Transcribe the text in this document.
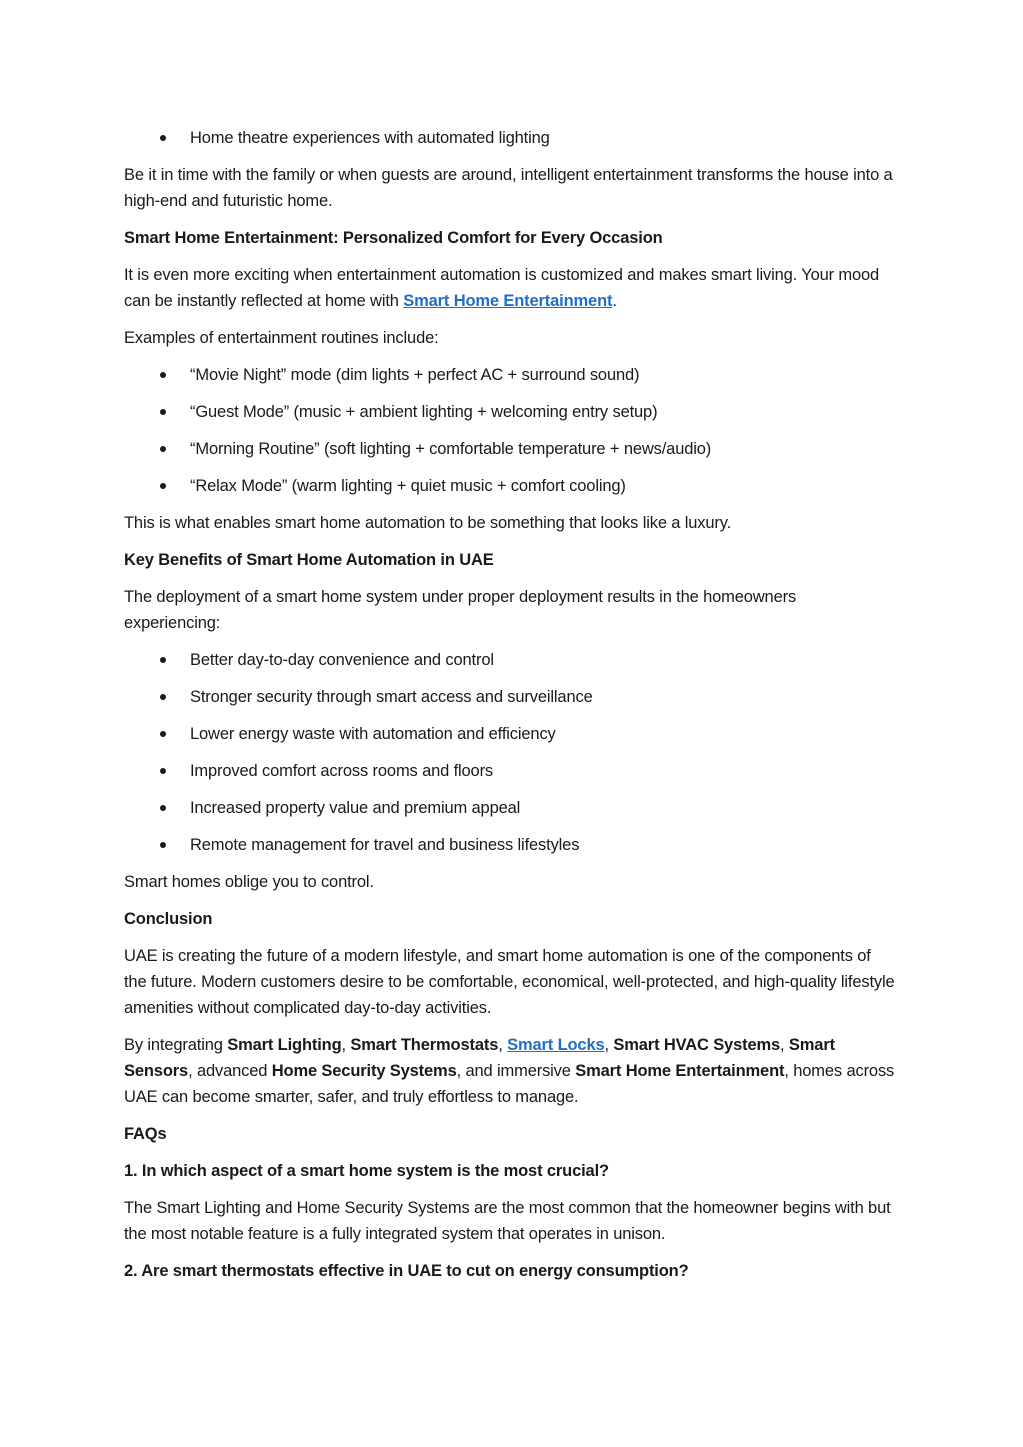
Home theatre experiences with automated lighting

Be it in time with the family or when guests are around, intelligent entertainment transforms the house into a high-end and futuristic home.

Smart Home Entertainment: Personalized Comfort for Every Occasion

It is even more exciting when entertainment automation is customized and makes smart living. Your mood can be instantly reflected at home with Smart Home Entertainment.

Examples of entertainment routines include:

“Movie Night” mode (dim lights + perfect AC + surround sound)
“Guest Mode” (music + ambient lighting + welcoming entry setup)
“Morning Routine” (soft lighting + comfortable temperature + news/audio)
“Relax Mode” (warm lighting + quiet music + comfort cooling)

This is what enables smart home automation to be something that looks like a luxury.

Key Benefits of Smart Home Automation in UAE

The deployment of a smart home system under proper deployment results in the homeowners experiencing:

Better day-to-day convenience and control
Stronger security through smart access and surveillance
Lower energy waste with automation and efficiency
Improved comfort across rooms and floors
Increased property value and premium appeal
Remote management for travel and business lifestyles

Smart homes oblige you to control.

Conclusion

UAE is creating the future of a modern lifestyle, and smart home automation is one of the components of the future. Modern customers desire to be comfortable, economical, well-protected, and high-quality lifestyle amenities without complicated day-to-day activities.

By integrating Smart Lighting, Smart Thermostats, Smart Locks, Smart HVAC Systems, Smart Sensors, advanced Home Security Systems, and immersive Smart Home Entertainment, homes across UAE can become smarter, safer, and truly effortless to manage.

FAQs

1. In which aspect of a smart home system is the most crucial?

The Smart Lighting and Home Security Systems are the most common that the homeowner begins with but the most notable feature is a fully integrated system that operates in unison.

2. Are smart thermostats effective in UAE to cut on energy consumption?
